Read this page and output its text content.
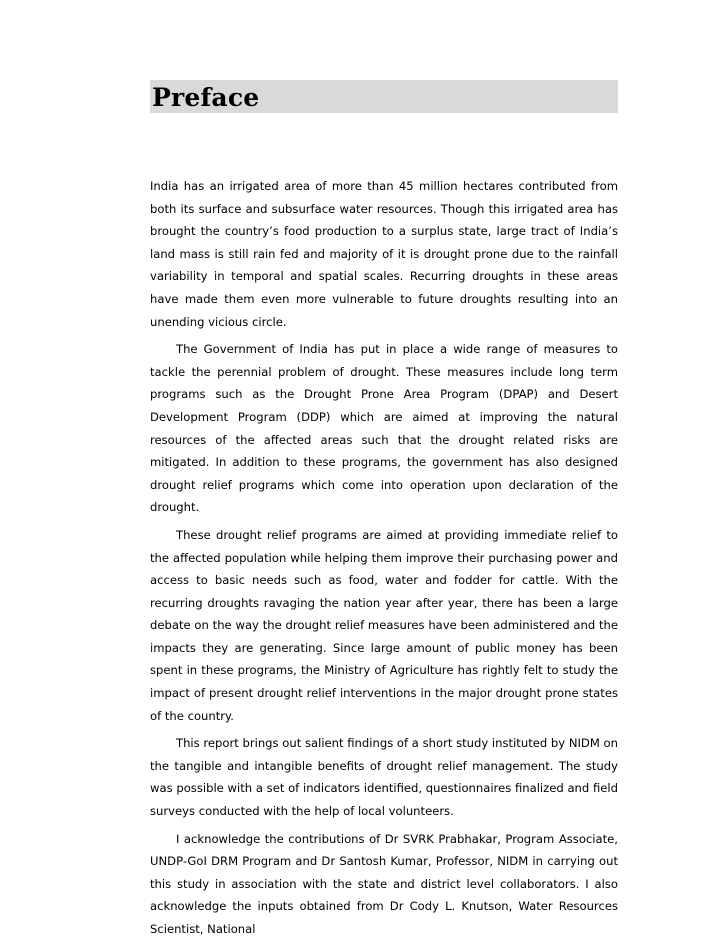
Preface

India has an irrigated area of more than 45 million hectares contributed from both its surface and subsurface water resources. Though this irrigated area has brought the country’s food production to a surplus state, large tract of India’s land mass is still rain fed and majority of it is drought prone due to the rainfall variability in temporal and spatial scales. Recurring droughts in these areas have made them even more vulnerable to future droughts resulting into an unending vicious circle.

The Government of India has put in place a wide range of measures to tackle the perennial problem of drought. These measures include long term programs such as the Drought Prone Area Program (DPAP) and Desert Development Program (DDP) which are aimed at improving the natural resources of the affected areas such that the drought related risks are mitigated. In addition to these programs, the government has also designed drought relief programs which come into operation upon declaration of the drought.

These drought relief programs are aimed at providing immediate relief to the affected population while helping them improve their purchasing power and access to basic needs such as food, water and fodder for cattle. With the recurring droughts ravaging the nation year after year, there has been a large debate on the way the drought relief measures have been administered and the impacts they are generating. Since large amount of public money has been spent in these programs, the Ministry of Agriculture has rightly felt to study the impact of present drought relief interventions in the major drought prone states of the country.

This report brings out salient findings of a short study instituted by NIDM on the tangible and intangible benefits of drought relief management. The study was possible with a set of indicators identified, questionnaires finalized and field surveys conducted with the help of local volunteers.

I acknowledge the contributions of Dr SVRK Prabhakar, Program Associate, UNDP-GoI DRM Program and Dr Santosh Kumar, Professor, NIDM in carrying out this study in association with the state and district level collaborators. I also acknowledge the inputs obtained from Dr Cody L. Knutson, Water Resources Scientist, National
